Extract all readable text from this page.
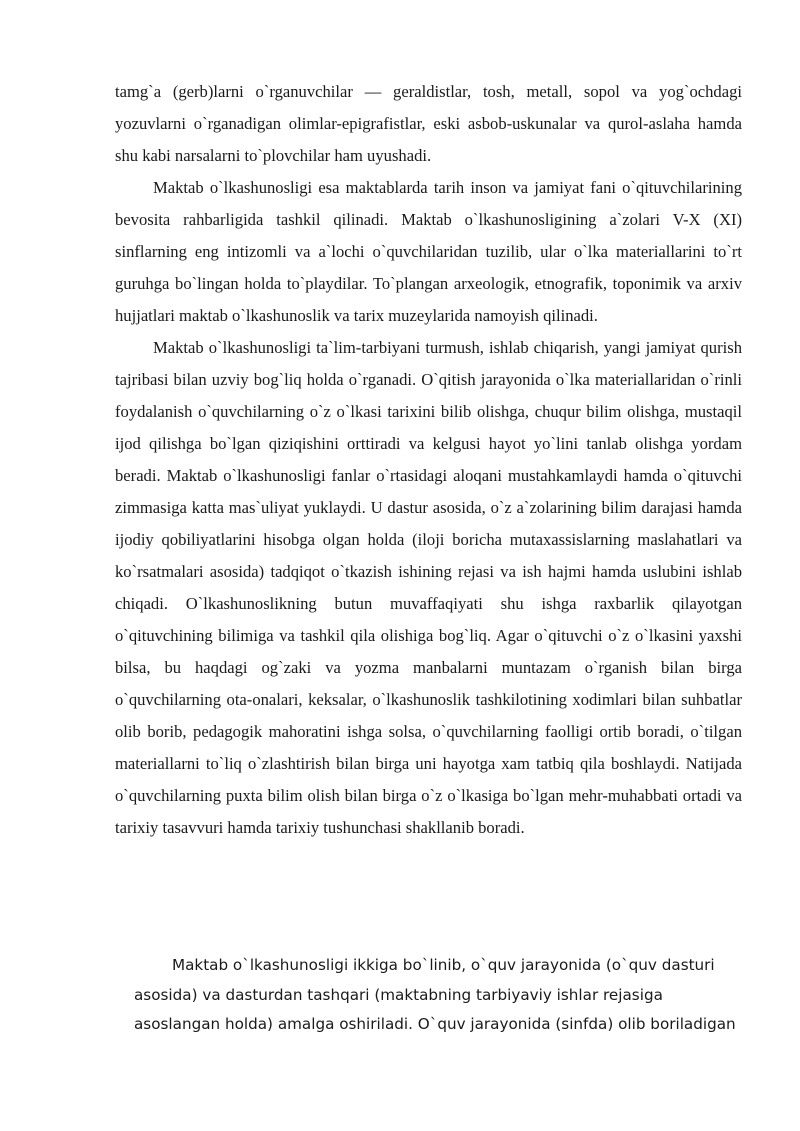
tamg`a (gerb)larni o`rganuvchilar — geraldistlar, tosh, metall, sopol va yog`ochdagi yozuvlarni o`rganadigan olimlar-epigrafistlar, eski asbob-uskunalar va qurol-aslaha hamda shu kabi narsalarni to`plovchilar ham uyushadi.

Maktab o`lkashunosligi esa maktablarda tarih inson va jamiyat fani o`qituvchilarining bevosita rahbarligida tashkil qilinadi. Maktab o`lkashunosligining a`zolari V-X (XI) sinflarning eng intizomli va a`lochi o`quvchilaridan tuzilib, ular o`lka materiallarini to`rt guruhga bo`lingan holda to`playdilar. To`plangan arxeologik, etnografik, toponimik va arxiv hujjatlari maktab o`lkashunoslik va tarix muzeylarida namoyish qilinadi.

Maktab o`lkashunosligi ta`lim-tarbiyani turmush, ishlab chiqarish, yangi jamiyat qurish tajribasi bilan uzviy bog`liq holda o`rganadi. O`qitish jarayonida o`lka materiallaridan o`rinli foydalanish o`quvchilarning o`z o`lkasi tarixini bilib olishga, chuqur bilim olishga, mustaqil ijod qilishga bo`lgan qiziqishini orttiradi va kelgusi hayot yo`lini tanlab olishga yordam beradi. Maktab o`lkashunosligi fanlar o`rtasidagi aloqani mustahkamlaydi hamda o`qituvchi zimmasiga katta mas`uliyat yuklaydi. U dastur asosida, o`z a`zolarining bilim darajasi hamda ijodiy qobiliyatlarini hisobga olgan holda (iloji boricha mutaxassislarning maslahatlari va ko`rsatmalari asosida) tadqiqot o`tkazish ishining rejasi va ish hajmi hamda uslubini ishlab chiqadi. O`lkashunoslikning butun muvaffaqiyati shu ishga raxbarlik qilayotgan o`qituvchining bilimiga va tashkil qila olishiga bog`liq. Agar o`qituvchi o`z o`lkasini yaxshi bilsa, bu haqdagi og`zaki va yozma manbalarni muntazam o`rganish bilan birga o`quvchilarning ota-onalari, keksalar, o`lkashunoslik tashkilotining xodimlari bilan suhbatlar olib borib, pedagogik mahoratini ishga solsa, o`quvchilarning faolligi ortib boradi, o`tilgan materiallarni to`liq o`zlashtirish bilan birga uni hayotga xam tatbiq qila boshlaydi. Natijada o`quvchilarning puxta bilim olish bilan birga o`z o`lkasiga bo`lgan mehr-muhabbati ortadi va tarixiy tasavvuri hamda tarixiy tushunchasi shakllanib boradi.

Maktab o`lkashunosligi ikkiga bo`linib, o`quv jarayonida (o`quv dasturi asosida) va dasturdan tashqari (maktabning tarbiyaviy ishlar rejasiga asoslangan holda) amalga oshiriladi. O`quv jarayonida (sinfda) olib boriladigan
